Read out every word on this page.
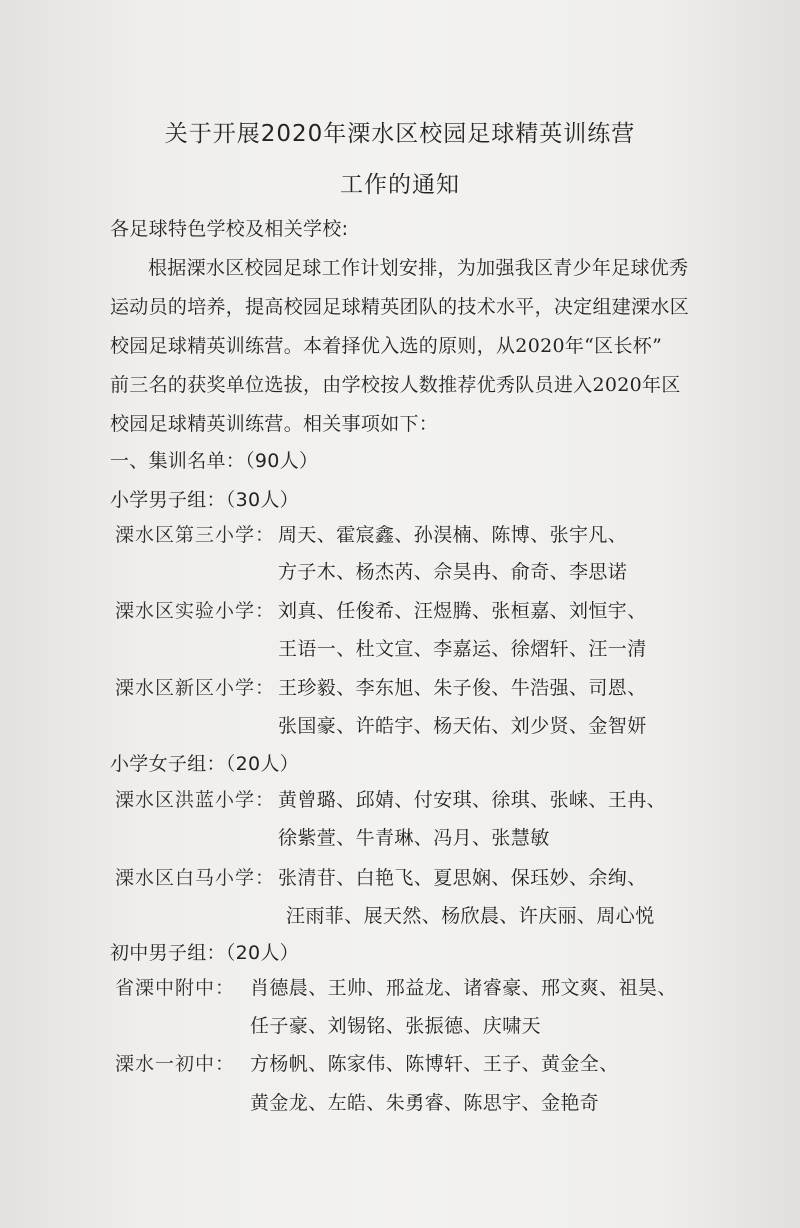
关于开展2020年溧水区校园足球精英训练营
工作的通知
各足球特色学校及相关学校:
根据溧水区校园足球工作计划安排，为加强我区青少年足球优秀
运动员的培养，提高校园足球精英团队的技术水平，决定组建溧水区
校园足球精英训练营。本着择优入选的原则，从2020年“区长杯”
前三名的获奖单位选拔，由学校按人数推荐优秀队员进入2020年区
校园足球精英训练营。相关事项如下：
一、集训名单：（90人）
小学男子组：（30人）
溧水区第三小学： 周天、霍宸鑫、孙淏楠、陈博、张宇凡、
方子木、杨杰芮、佘昊冉、俞奇、李思诺
溧水区实验小学： 刘真、任俊希、汪煜腾、张桓嘉、刘恒宇、
王语一、杜文宣、李嘉运、徐熠轩、汪一清
溧水区新区小学： 王珍毅、李东旭、朱子俊、牛浩强、司恩、
张国豪、许皓宇、杨天佑、刘少贤、金智妍
小学女子组：（20人）
溧水区洪蓝小学： 黄曾璐、邱婧、付安琪、徐琪、张崃、王冉、
徐紫萱、牛青琳、冯月、张慧敏
溧水区白马小学： 张清苷、白艳飞、夏思娴、保珏妙、余绚、
汪雨菲、展天然、杨欣晨、许庆丽、周心悦
初中男子组：（20人）
省溧中附中： 肖德晨、王帅、邢益龙、诸睿豪、邢文爽、祖昊、
任子豪、刘锡铭、张振德、庆啸天
溧水一初中： 方杨帆、陈家伟、陈博轩、王子、黄金全、
黄金龙、左皓、朱勇睿、陈思宇、金艳奇
